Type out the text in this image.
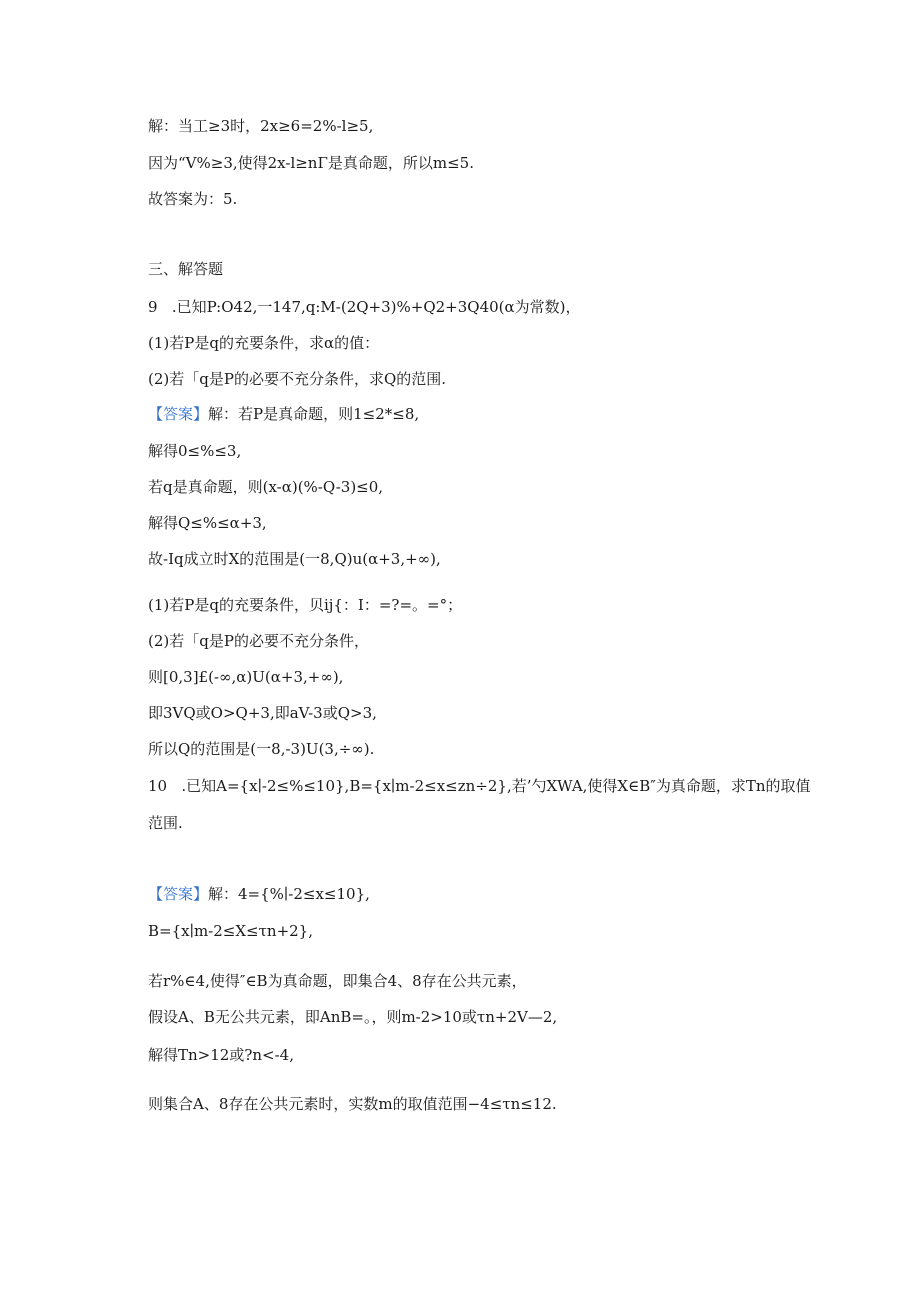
解：当工≥3时，2x≥6=2%-l≥5,
因为“V%≥3,使得2x-l≥nΓ是真命题，所以m≤5.
故答案为：5.
三、解答题
9   .已知P:O42,一147,q:M-(2Q+3)%+Q2+3Q40(α为常数)，
(1)若P是q的充要条件，求α的值：
(2)若「q是P的必要不充分条件，求Q的范围.
【答案】解：若P是真命题，则1≤2*≤8,
解得0≤%≤3,
若q是真命题，则(x-α)(%-Q-3)≤0,
解得Q≤%≤α+3,
故-Iq成立时X的范围是(一8,Q)u(α+3,+∞),
(1)若P是q的充要条件，贝ij{：I：=?=。=°；
(2)若「q是P的必要不充分条件，
则[0,3]£(-∞,α)U(α+3,+∞),
即3VQ或O>Q+3,即aV-3或Q>3,
所以Q的范围是(一8,-3)U(3,÷∞).
10   .已知A={x∣-2≤%≤10},B={x∣m-2≤x≤zn÷2},若’勺XWA,使得X∈B″为真命题，求Tn的取值
范围.
【答案】解：4={%∣-2≤x≤10},
B={x∣m-2≤X≤τn+2},
若r%∈4,使得″∈B为真命题，即集合4、8存在公共元素，
假设A、B无公共元素，即AnB=。，则m-2>10或τn+2V—2,
解得Tn>12或?n<-4,
则集合A、8存在公共元素时，实数m的取值范围−4≤τn≤12.
